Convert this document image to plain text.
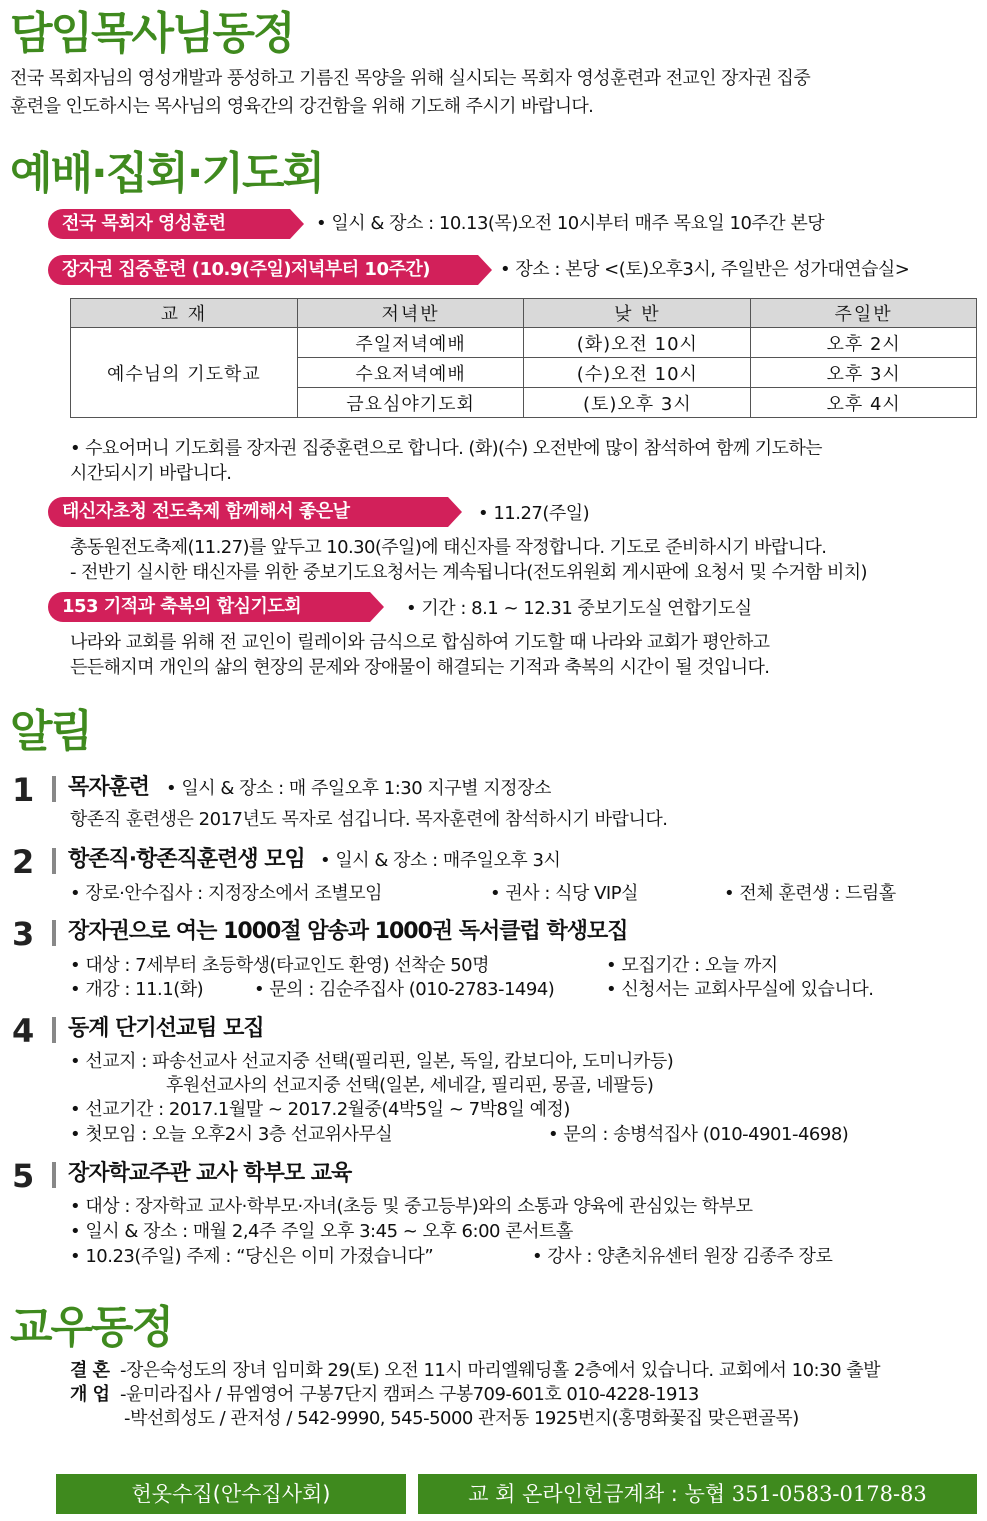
담임목사님동정
전국 목회자님의 영성개발과 풍성하고 기름진 목양을 위해 실시되는 목회자 영성훈련과 전교인 장자권 집중
훈련을 인도하시는 목사님의 영육간의 강건함을 위해 기도해 주시기 바랍니다.
예배·집회·기도회
전국 목회자 영성훈련	• 일시 & 장소 : 10.13(목)오전 10시부터 매주 목요일 10주간 본당
장자권 집중훈련 (10.9(주일)저녁부터 10주간)	• 장소 : 본당 <(토)오후3시, 주일반은 성가대연습실>
교 재	저녁반	낮 반	주일반
예수님의 기도학교	주일저녁예배	(화)오전 10시	오후 2시
	수요저녁예배	(수)오전 10시	오후 3시
	금요심야기도회	(토)오후 3시	오후 4시
• 수요어머니 기도회를 장자권 집중훈련으로 합니다. (화)(수) 오전반에 많이 참석하여 함께 기도하는
시간되시기 바랍니다.
태신자초청 전도축제 함께해서 좋은날	• 11.27(주일)
총동원전도축제(11.27)를 앞두고 10.30(주일)에 태신자를 작정합니다. 기도로 준비하시기 바랍니다.
- 전반기 실시한 태신자를 위한 중보기도요청서는 계속됩니다(전도위원회 게시판에 요청서 및 수거함 비치)
153 기적과 축복의 합심기도회	• 기간 : 8.1 ~ 12.31 중보기도실 연합기도실
나라와 교회를 위해 전 교인이 릴레이와 금식으로 합심하여 기도할 때 나라와 교회가 평안하고
든든해지며 개인의 삶의 현장의 문제와 장애물이 해결되는 기적과 축복의 시간이 될 것입니다.
알림
1 목자훈련 • 일시 & 장소 : 매 주일오후 1:30 지구별 지정장소
항존직 훈련생은 2017년도 목자로 섬깁니다. 목자훈련에 참석하시기 바랍니다.
2 항존직·항존직훈련생 모임 • 일시 & 장소 : 매주일오후 3시
• 장로·안수집사 : 지정장소에서 조별모임	• 권사 : 식당 VIP실	• 전체 훈련생 : 드림홀
3 장자권으로 여는 1000절 암송과 1000권 독서클럽 학생모집
• 대상 : 7세부터 초등학생(타교인도 환영) 선착순 50명	• 모집기간 : 오늘 까지
• 개강 : 11.1(화)	• 문의 : 김순주집사 (010-2783-1494)	• 신청서는 교회사무실에 있습니다.
4 동계 단기선교팀 모집
• 선교지 : 파송선교사 선교지중 선택(필리핀, 일본, 독일, 캄보디아, 도미니카등)
후원선교사의 선교지중 선택(일본, 세네갈, 필리핀, 몽골, 네팔등)
• 선교기간 : 2017.1월말 ~ 2017.2월중(4박5일 ~ 7박8일 예정)
• 첫모임 : 오늘 오후2시 3층 선교위사무실	• 문의 : 송병석집사 (010-4901-4698)
5 장자학교주관 교사 학부모 교육
• 대상 : 장자학교 교사·학부모·자녀(초등 및 중고등부)와의 소통과 양육에 관심있는 학부모
• 일시 & 장소 : 매월 2,4주 주일 오후 3:45 ~ 오후 6:00 콘서트홀
• 10.23(주일) 주제 : “당신은 이미 가졌습니다”	• 강사 : 양촌치유센터 원장 김종주 장로
교우동정
결 혼 -장은숙성도의 장녀 임미화 29(토) 오전 11시 마리엘웨딩홀 2층에서 있습니다. 교회에서 10:30 출발
개 업 -윤미라집사 / 뮤엠영어 구봉7단지 캠퍼스 구봉709-601호 010-4228-1913
-박선희성도 / 관저성 / 542-9990, 545-5000 관저동 1925번지(홍명화꽃집 맞은편골목)
헌옷수집(안수집사회)	교 회 온라인헌금계좌 : 농협 351-0583-0178-83
